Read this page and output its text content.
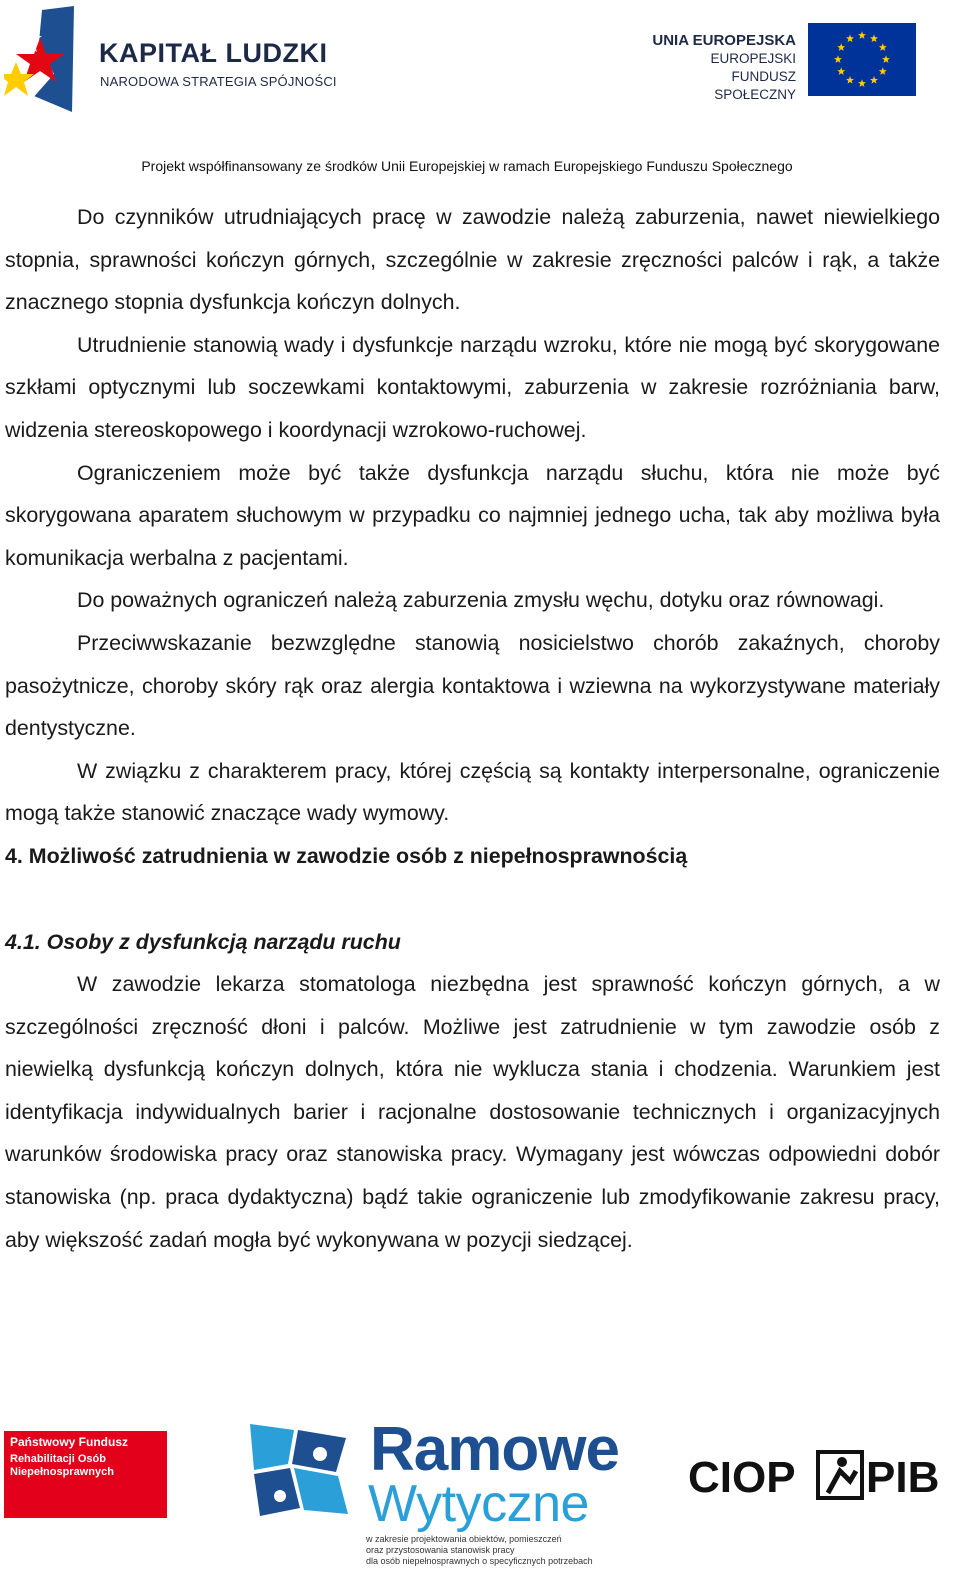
KAPITAŁ LUDZKI
NARODOWA STRATEGIA SPÓJNOŚCI
UNIA EUROPEJSKA
EUROPEJSKI
FUNDUSZ SPOŁECZNY
Projekt współfinansowany ze środków Unii Europejskiej w ramach Europejskiego Funduszu Społecznego

Do czynników utrudniających pracę w zawodzie należą zaburzenia, nawet niewielkiego stopnia, sprawności kończyn górnych, szczególnie w zakresie zręczności palców i rąk, a także znacznego stopnia dysfunkcja kończyn dolnych.

Utrudnienie stanowią wady i dysfunkcje narządu wzroku, które nie mogą być skorygowane szkłami optycznymi lub soczewkami kontaktowymi, zaburzenia w zakresie rozróżniania barw, widzenia stereoskopowego i koordynacji wzrokowo-ruchowej.

Ograniczeniem może być także dysfunkcja narządu słuchu, która nie może być skorygowana aparatem słuchowym w przypadku co najmniej jednego ucha, tak aby możliwa była komunikacja werbalna z pacjentami.

Do poważnych ograniczeń należą zaburzenia zmysłu węchu, dotyku oraz równowagi.

Przeciwwskazanie bezwzględne stanowią nosicielstwo chorób zakaźnych, choroby pasożytnicze, choroby skóry rąk oraz alergia kontaktowa i wziewna na wykorzystywane materiały dentystyczne.

W związku z charakterem pracy, której częścią są kontakty interpersonalne, ograniczenie mogą także stanowić znaczące wady wymowy.

4. Możliwość zatrudnienia w zawodzie osób z niepełnosprawnością

4.1. Osoby z dysfunkcją narządu ruchu

W zawodzie lekarza stomatologa niezbędna jest sprawność kończyn górnych, a w szczególności zręczność dłoni i palców. Możliwe jest zatrudnienie w tym zawodzie osób z niewielką dysfunkcją kończyn dolnych, która nie wyklucza stania i chodzenia. Warunkiem jest identyfikacja indywidualnych barier i racjonalne dostosowanie technicznych i organizacyjnych warunków środowiska pracy oraz stanowiska pracy. Wymagany jest wówczas odpowiedni dobór stanowiska (np. praca dydaktyczna) bądź takie ograniczenie lub zmodyfikowanie zakresu pracy, aby większość zadań mogła być wykonywana w pozycji siedzącej.

Państwowy Fundusz
Rehabilitacji Osób
Niepełnosprawnych	Ramowe
Wytyczne
w zakresie projektowania obiektów, pomieszczeń
oraz przystosowania stanowisk pracy
dla osób niepełnosprawnych o specyficznych potrzebach
CIOP PIB
